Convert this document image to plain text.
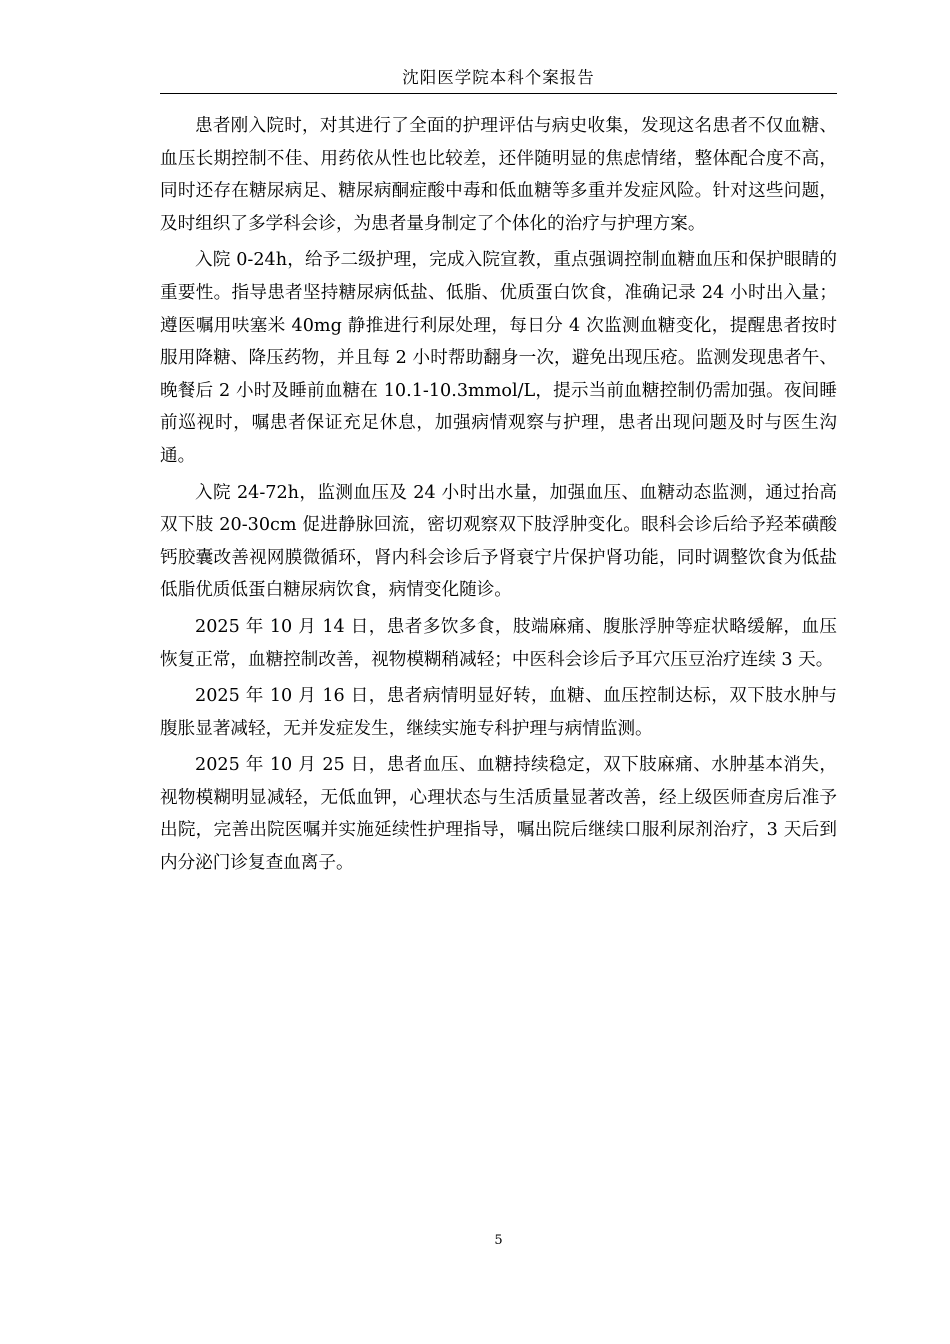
沈阳医学院本科个案报告

患者刚入院时，对其进行了全面的护理评估与病史收集，发现这名患者不仅血糖、血压长期控制不佳、用药依从性也比较差，还伴随明显的焦虑情绪，整体配合度不高，同时还存在糖尿病足、糖尿病酮症酸中毒和低血糖等多重并发症风险。针对这些问题，及时组织了多学科会诊，为患者量身制定了个体化的治疗与护理方案。

入院 0-24h，给予二级护理，完成入院宣教，重点强调控制血糖血压和保护眼睛的重要性。指导患者坚持糖尿病低盐、低脂、优质蛋白饮食，准确记录 24 小时出入量；遵医嘱用呋塞米 40mg 静推进行利尿处理，每日分 4 次监测血糖变化，提醒患者按时服用降糖、降压药物，并且每 2 小时帮助翻身一次，避免出现压疮。监测发现患者午、晚餐后 2 小时及睡前血糖在 10.1-10.3mmol/L，提示当前血糖控制仍需加强。夜间睡前巡视时，嘱患者保证充足休息，加强病情观察与护理，患者出现问题及时与医生沟通。

入院 24-72h，监测血压及 24 小时出水量，加强血压、血糖动态监测，通过抬高双下肢 20-30cm 促进静脉回流，密切观察双下肢浮肿变化。眼科会诊后给予羟苯磺酸钙胶囊改善视网膜微循环，肾内科会诊后予肾衰宁片保护肾功能，同时调整饮食为低盐低脂优质低蛋白糖尿病饮食，病情变化随诊。

2025 年 10 月 14 日，患者多饮多食，肢端麻痛、腹胀浮肿等症状略缓解，血压恢复正常，血糖控制改善，视物模糊稍减轻；中医科会诊后予耳穴压豆治疗连续 3 天。

2025 年 10 月 16 日，患者病情明显好转，血糖、血压控制达标，双下肢水肿与腹胀显著减轻，无并发症发生，继续实施专科护理与病情监测。

2025 年 10 月 25 日，患者血压、血糖持续稳定，双下肢麻痛、水肿基本消失，视物模糊明显减轻，无低血钾，心理状态与生活质量显著改善，经上级医师查房后准予出院，完善出院医嘱并实施延续性护理指导，嘱出院后继续口服利尿剂治疗，3 天后到内分泌门诊复查血离子。

5
